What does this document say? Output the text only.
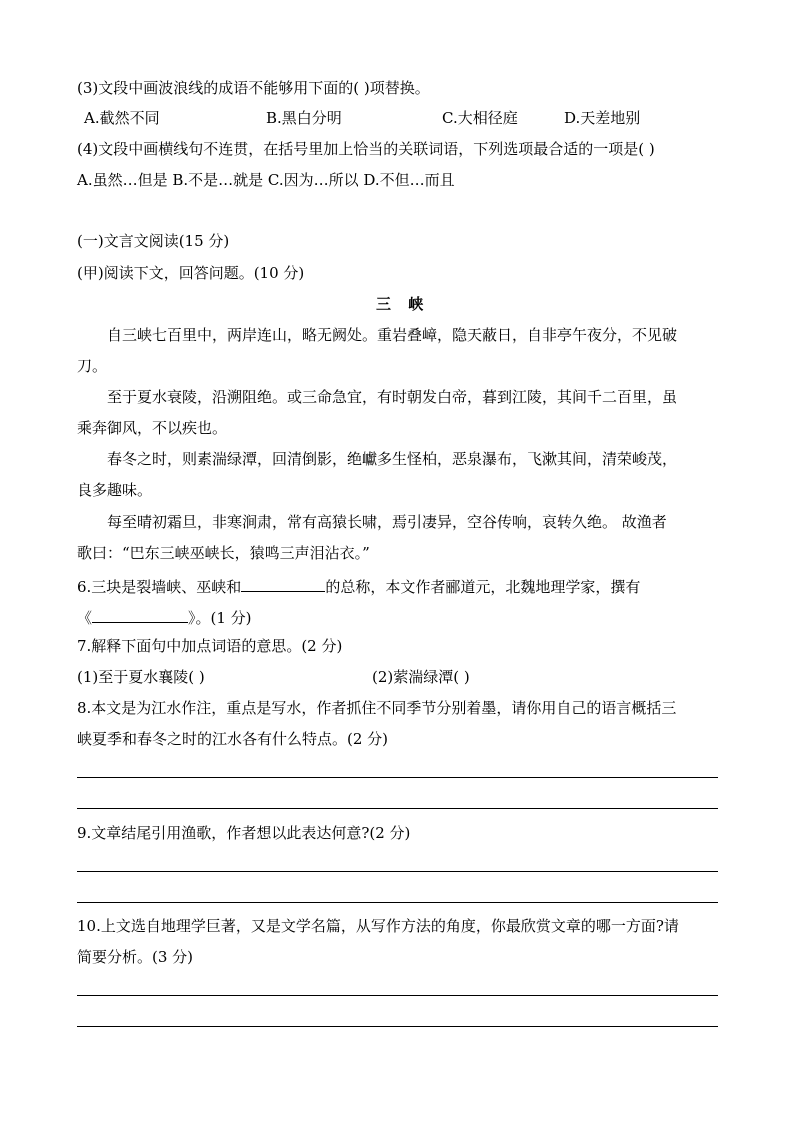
(3)文段中画波浪线的成语不能够用下面的( )项替换。
A.截然不同	B.黑白分明	C.大相径庭	D.天差地别
(4)文段中画横线句不连贯，在括号里加上恰当的关联词语，下列选项最合适的一项是( )
A.虽然…但是 B.不是…就是 C.因为…所以 D.不但…而且
(一)文言文阅读(15 分)
(甲)阅读下文，回答问题。(10 分)
三 峡
自三峡七百里中，两岸连山，略无阙处。重岩叠嶂，隐天蔽日，自非亭午夜分，不见破
刀。
至于夏水衰陵，沿溯阻绝。或三命急宜，有时朝发白帝，暮到江陵，其间千二百里，虽
乘奔御风，不以疾也。
春冬之时，则素湍绿潭，回清倒影，绝巘多生怪柏，恶泉瀑布，飞漱其间，清荣峻茂，
良多趣味。
每至晴初霜旦，非寒涧肃，常有高猿长啸，焉引凄异，空谷传响，哀转久绝。 故渔者
歌曰：“巴东三峡巫峡长，猿鸣三声泪沾衣。”
6.三块是裂墙峡、巫峡和	的总称，本文作者郦道元，北魏地理学家，撰有
《	》。(1 分)
7.解释下面句中加点词语的意思。(2 分)
(1)至于夏水襄陵( )	(2)萦湍绿潭( )
8.本文是为江水作注，重点是写水，作者抓住不同季节分别着墨，请你用自己的语言概括三
峡夏季和春冬之时的江水各有什么特点。(2 分)
9.文章结尾引用渔歌，作者想以此表达何意?(2 分)
10.上文选自地理学巨著，又是文学名篇，从写作方法的角度，你最欣赏文章的哪一方面?请
简要分析。(3 分)
